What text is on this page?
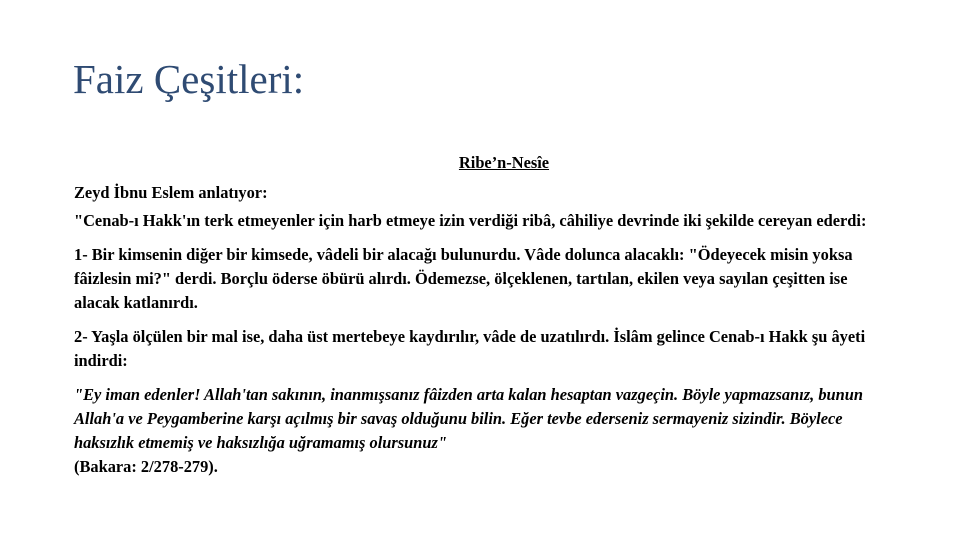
Faiz Çeşitleri:

Ribe’n-Nesîe

Zeyd İbnu Eslem anlatıyor:

"Cenab-ı Hakk'ın terk etmeyenler için harb etmeye izin verdiği ribâ, câhiliye devrinde iki şekilde cereyan ederdi:

1- Bir kimsenin diğer bir kimsede, vâdeli bir alacağı bulunurdu. Vâde dolunca alacaklı: "Ödeyecek misin yoksa fâizlesin mi?" derdi. Borçlu öderse öbürü alırdı. Ödemezse, ölçeklenen, tartılan, ekilen veya sayılan çeşitten ise alacak katlanırdı.

2- Yaşla ölçülen bir mal ise, daha üst mertebeye kaydırılır, vâde de uzatılırdı. İslâm gelince Cenab-ı Hakk şu âyeti indirdi:

"Ey iman edenler! Allah'tan sakının, inanmışsanız fâizden arta kalan hesaptan vazgeçin. Böyle yapmazsanız, bunun Allah'a ve Peygamberine karşı açılmış bir savaş olduğunu bilin. Eğer tevbe ederseniz sermayeniz sizindir. Böylece haksızlık etmemiş ve haksızlığa uğramamış olursunuz"
(Bakara: 2/278-279).
